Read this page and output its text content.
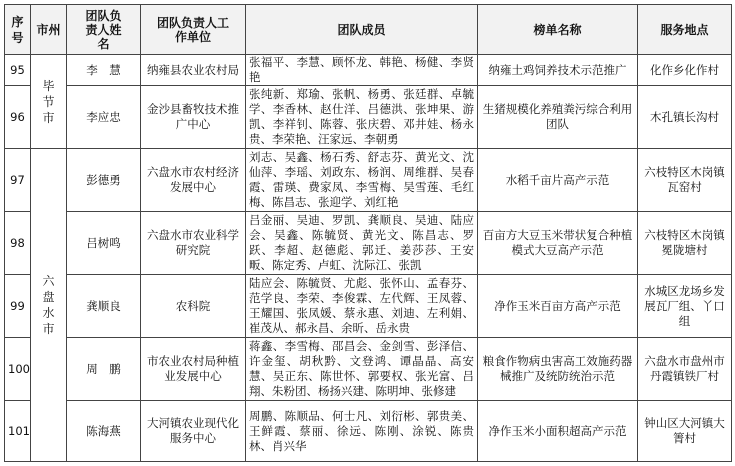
序号	市州	团队负责人姓名	团队负责人工作单位	团队成员	榜单名称	服务地点
95	毕节市	李　慧	纳雍县农业农村局	张福平、李慧、顾怀龙、韩艳、杨健、李贤艳	纳雍土鸡饲养技术示范推广	化作乡化作村
96		李应忠	金沙县畜牧技术推广中心	张纯新、郑瑜、张帆、杨勇、张廷群、卓毓学、李香林、赵仕洋、吕德洪、张坤果、游凯、李祥钊、陈蓉、张庆碧、邓井娃、杨永贵、李荣艳、汪家远、李朝勇	生猪规模化养殖粪污综合利用团队	木孔镇长沟村
97	六盘水市	彭德勇	六盘水市农村经济发展中心	刘志、吴鑫、杨石秀、舒志芬、黄光文、沈仙萍、李瑶、刘政东、杨润、周维群、吴春霞、雷瑛、费家凤、李雪梅、吴雪莲、毛红梅、陈昌志、张迎学、刘红艳	水稻千亩片高产示范	六枝特区木岗镇瓦窑村
98		吕树鸣	六盘水市农业科学研究院	吕金丽、吴迪、罗凯、龚顺良、吴迪、陆应会、吴鑫、陈毓贤、黄光文、陈昌志、罗跃、李超、赵德彪、郭迁、姜莎莎、王安畈、陈定秀、卢虹、沈际江、张凯	百亩方大豆玉米带状复合种植模式大豆高产示范	六枝特区木岗镇冕陇塘村
99		龚顺良	农科院	陆应会、陈毓贤、尤彪、张怀山、孟春芬、范学良、李荣、李俊霖、左代辉、王凤蓉、王耀国、张凤媛、蔡永惠、刘迪、左利娟、崔茂从、郝永昌、余昕、岳永贵	净作玉米百亩方高产示范	水城区龙场乡发展瓦厂组、丫口组
100		周　鹏	市农业农村局种植业发展中心	蒋鑫、李雪梅、邵昌会、金剑雪、彭泽信、许金玺、胡秋黔、文登鸿、谭晶晶、高安慧、吴正东、陈世怀、郭要权、张光富、吕翔、朱粉团、杨扬兴建、陈明坤、张修建	粮食作物病虫害高工效施药器械推广及统防统治示范	六盘水市盘州市丹霞镇铁厂村
101		陈海燕	大河镇农业现代化服务中心	周鹏、陈顺品、何士凡、刘衍彬、郭贵美、王鲜霞、蔡丽、徐远、陈刚、涂锐、陈贵林、肖兴华	净作玉米小面积超高产示范	钟山区大河镇大箐村
